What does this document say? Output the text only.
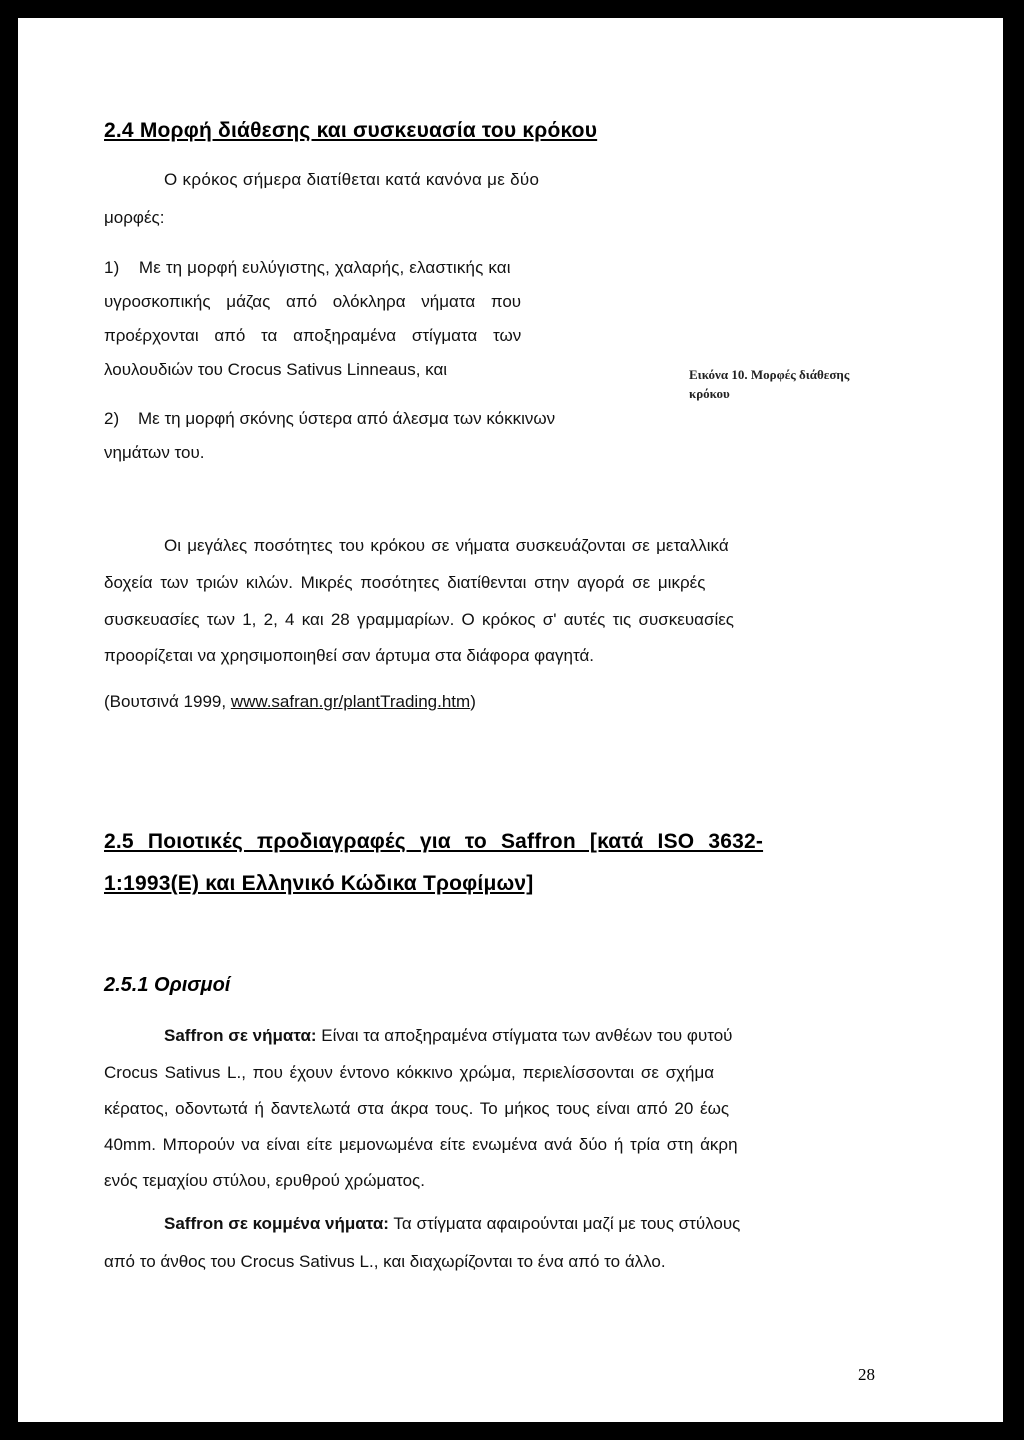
2.4 Μορφή διάθεσης και συσκευασία του κρόκου
Ο κρόκος σήμερα διατίθεται κατά κανόνα με δύο
μορφές:
1)    Με τη μορφή ευλύγιστης, χαλαρής, ελαστικής και
υγροσκοπικής μάζας από ολόκληρα νήματα που
προέρχονται από τα αποξηραμένα στίγματα των
λουλουδιών του Crocus Sativus Linneaus, και
2)    Με τη μορφή σκόνης ύστερα από άλεσμα των κόκκινων
νημάτων του.
Εικόνα 10. Μορφές διάθεσης
κρόκου
Οι μεγάλες ποσότητες του κρόκου σε νήματα συσκευάζονται σε μεταλλικά
δοχεία των τριών κιλών. Μικρές ποσότητες διατίθενται στην αγορά σε μικρές
συσκευασίες των 1, 2, 4 και 28 γραμμαρίων. Ο κρόκος σ' αυτές τις συσκευασίες
προορίζεται να χρησιμοποιηθεί σαν άρτυμα στα διάφορα φαγητά.
(Βουτσινά 1999, www.safran.gr/plantTrading.htm)
2.5 Ποιοτικές προδιαγραφές για το Saffron [κατά ISO 3632-
1:1993(E) και Ελληνικό Κώδικα Τροφίμων]
2.5.1 Ορισμοί
Saffron σε νήματα: Είναι τα αποξηραμένα στίγματα των ανθέων του φυτού
Crocus Sativus L., που έχουν έντονο κόκκινο χρώμα, περιελίσσονται σε σχήμα
κέρατος, οδοντωτά ή δαντελωτά στα άκρα τους. Το μήκος τους είναι από 20 έως
40mm. Μπορούν να είναι είτε μεμονωμένα είτε ενωμένα ανά δύο ή τρία στη άκρη
ενός τεμαχίου στύλου, ερυθρού χρώματος.
Saffron σε κομμένα νήματα: Τα στίγματα αφαιρούνται μαζί με τους στύλους
από το άνθος του Crocus Sativus L., και διαχωρίζονται το ένα από το άλλο.
28
